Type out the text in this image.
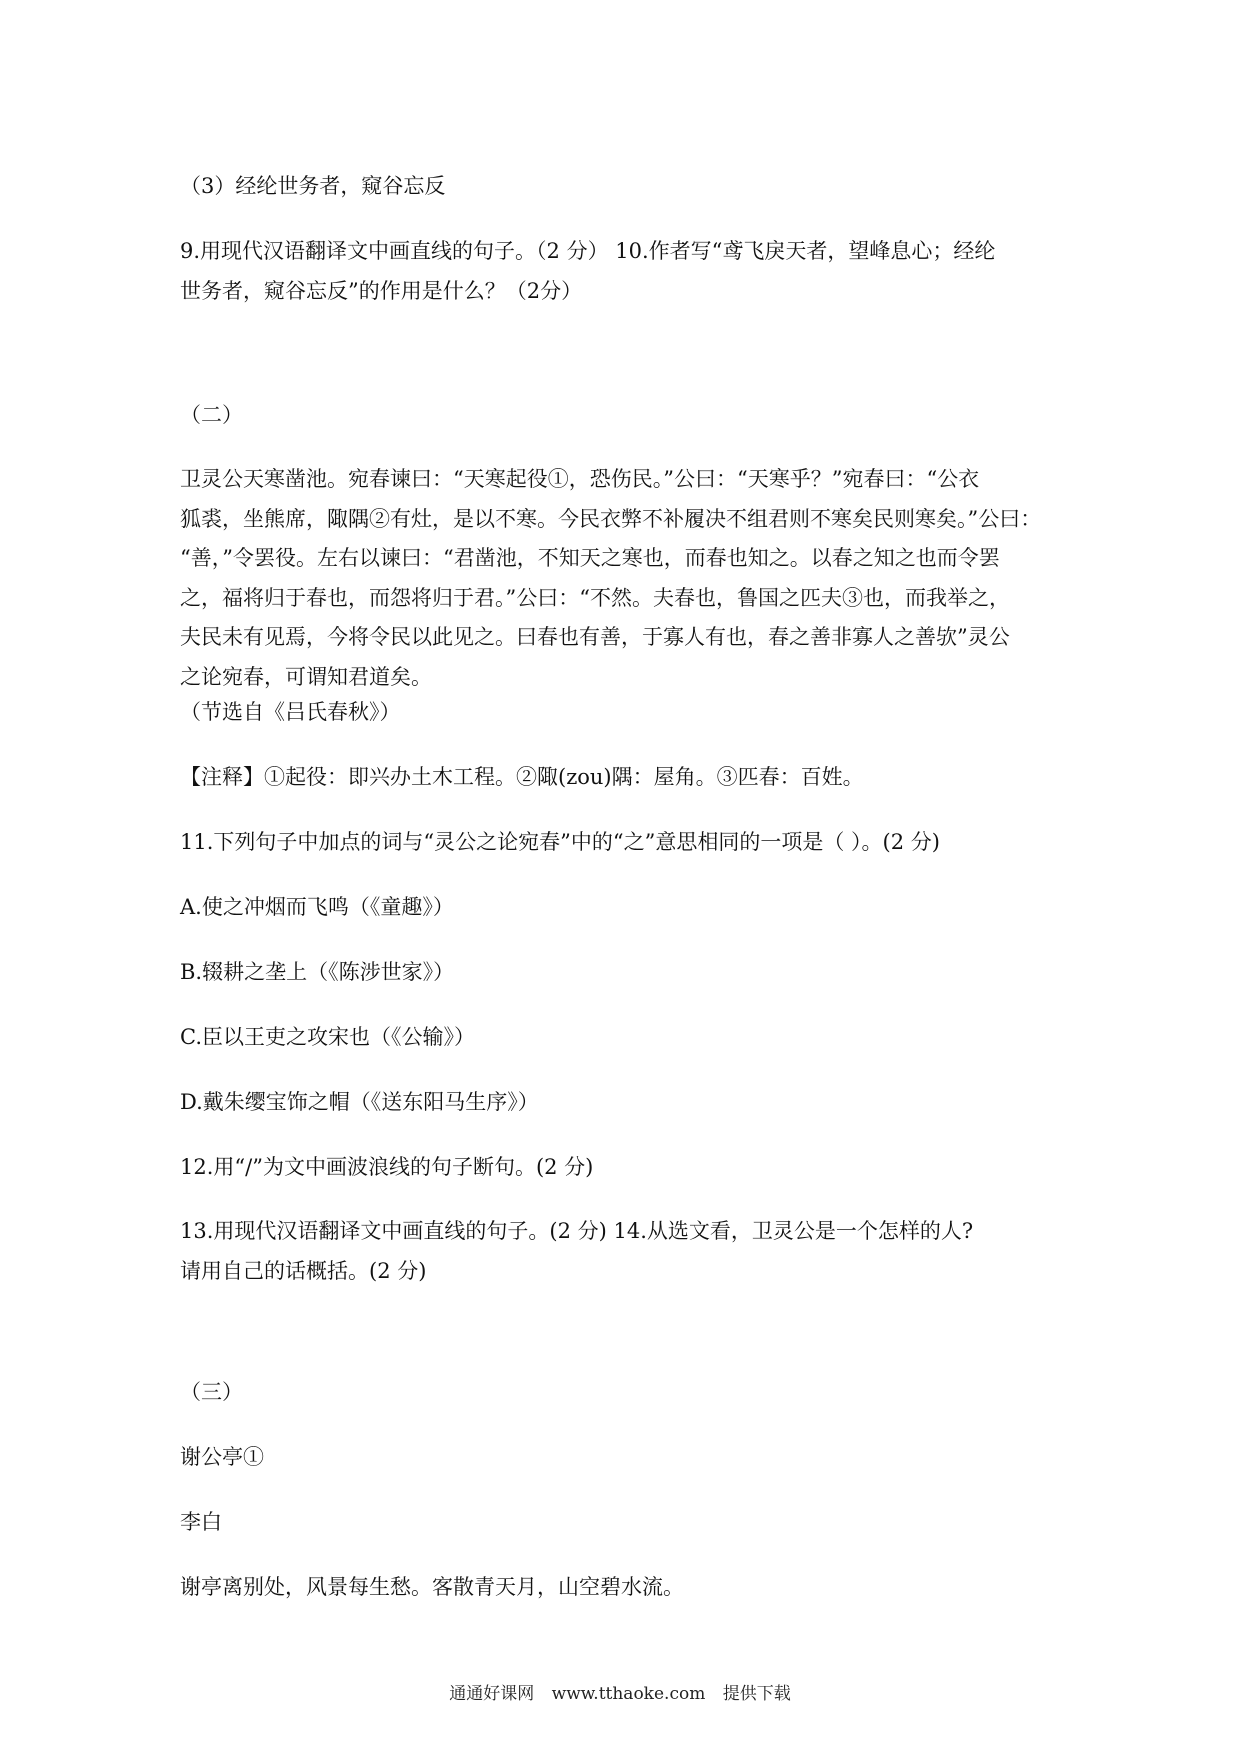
（3）经纶世务者，窥谷忘反
9.用现代汉语翻译文中画直线的句子。（2 分） 10.作者写“鸢飞戾天者，望峰息心；经纶
世务者，窥谷忘反”的作用是什么？（2分）
（二）
卫灵公天寒凿池。宛春谏曰：“天寒起役①，恐伤民。”公曰：“天寒乎？”宛春曰：“公衣
狐裘，坐熊席，陬隅②有灶，是以不寒。今民衣弊不补履决不组君则不寒矣民则寒矣。”公曰：
“善，”令罢役。左右以谏曰：“君凿池，不知天之寒也，而春也知之。以春之知之也而令罢
之，福将归于春也，而怨将归于君。”公曰：“不然。夫春也，鲁国之匹夫③也，而我举之，
夫民未有见焉，今将令民以此见之。曰春也有善，于寡人有也，春之善非寡人之善欤”灵公
之论宛春，可谓知君道矣。
（节选自《吕氏春秋》）
【注释】①起役：即兴办土木工程。②陬(zou)隅：屋角。③匹春：百姓。
11.下列句子中加点的词与“灵公之论宛春”中的“之”意思相同的一项是（ ）。(2 分)
A.使之冲烟而飞鸣（《童趣》）
B.辍耕之垄上（《陈涉世家》）
C.臣以王吏之攻宋也（《公输》）
D.戴朱缨宝饰之帽（《送东阳马生序》）
12.用“/”为文中画波浪线的句子断句。(2 分)
13.用现代汉语翻译文中画直线的句子。(2 分) 14.从选文看，卫灵公是一个怎样的人?
请用自己的话概括。(2 分)
（三）
谢公亭①
李白
谢亭离别处，风景每生愁。客散青天月，山空碧水流。
通通好课网 www.tthaoke.com 提供下载
